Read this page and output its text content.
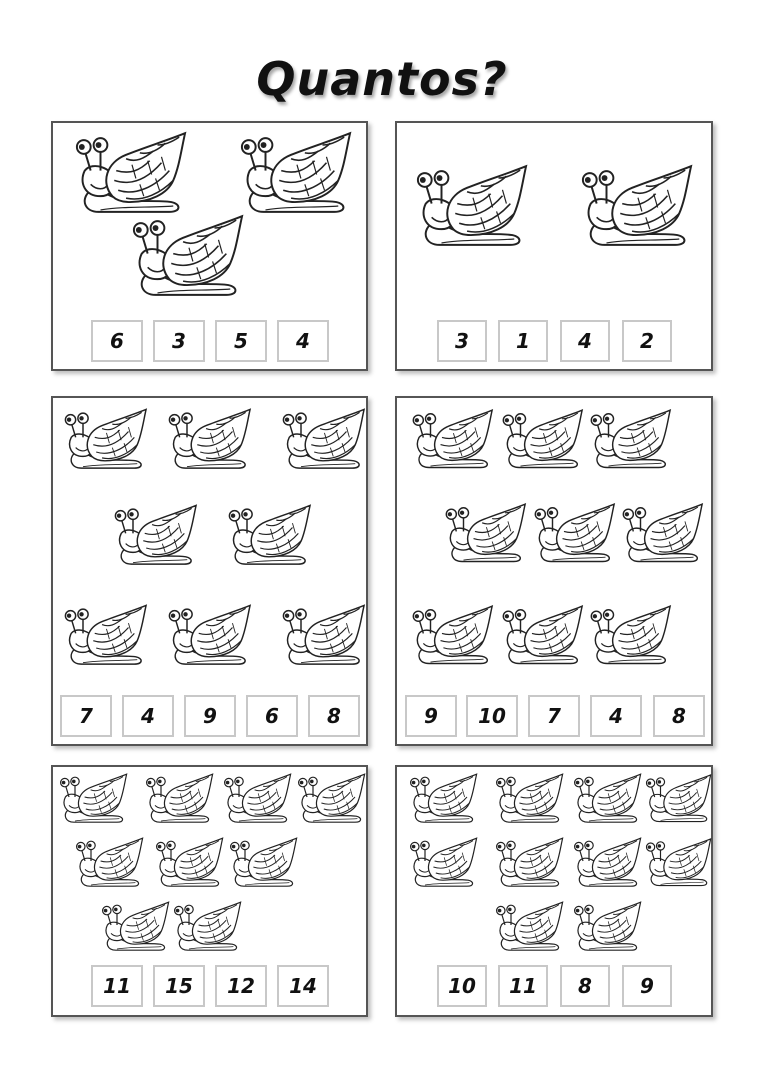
Quantos?
6	3	5	4	3	1	4	2
7	4	9	6	8	9	10	7	4	8
11	15	12	14	10	11	8	9
